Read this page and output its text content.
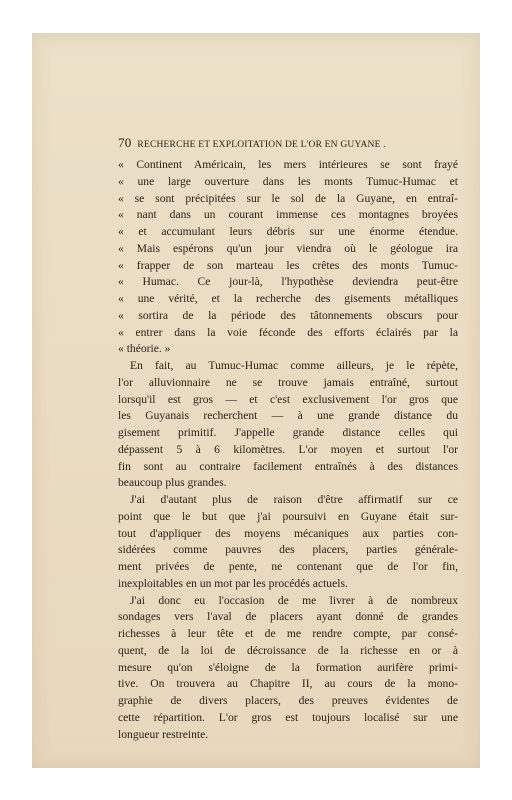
70 RECHERCHE ET EXPLOITATION DE L'OR EN GUYANE .
« Continent Américain, les mers intérieures se sont frayé
« une large ouverture dans les monts Tumuc-Humac et
« se sont précipitées sur le sol de la Guyane, en entraî-
« nant dans un courant immense ces montagnes broyées
« et accumulant leurs débris sur une énorme étendue.
« Mais espérons qu'un jour viendra où le géologue ira
« frapper de son marteau les crêtes des monts Tumuc-
« Humac. Ce jour-là, l'hypothèse deviendra peut-être
« une vérité, et la recherche des gisements métalliques
« sortira de la période des tâtonnements obscurs pour
« entrer dans la voie féconde des efforts éclairés par la
« théorie. »
En fait, au Tumuc-Humac comme ailleurs, je le répète,
l'or alluvionnaire ne se trouve jamais entraîné, surtout
lorsqu'il est gros — et c'est exclusivement l'or gros que
les Guyanais recherchent — à une grande distance du
gisement primitif. J'appelle grande distance celles qui
dépassent 5 à 6 kilomètres. L'or moyen et surtout l'or
fin sont au contraire facilement entraînés à des distances
beaucoup plus grandes.
J'ai d'autant plus de raison d'être affirmatif sur ce
point que le but que j'ai poursuivi en Guyane était sur-
tout d'appliquer des moyens mécaniques aux parties con-
sidérées comme pauvres des placers, parties générale-
ment privées de pente, ne contenant que de l'or fin,
inexploitables en un mot par les procédés actuels.
J'ai donc eu l'occasion de me livrer à de nombreux
sondages vers l'aval de placers ayant donné de grandes
richesses à leur tête et de me rendre compte, par consé-
quent, de la loi de décroissance de la richesse en or à
mesure qu'on s'éloigne de la formation aurifère primi-
tive. On trouvera au Chapitre II, au cours de la mono-
graphie de divers placers, des preuves évidentes de
cette répartition. L'or gros est toujours localisé sur une
longueur restreinte.
